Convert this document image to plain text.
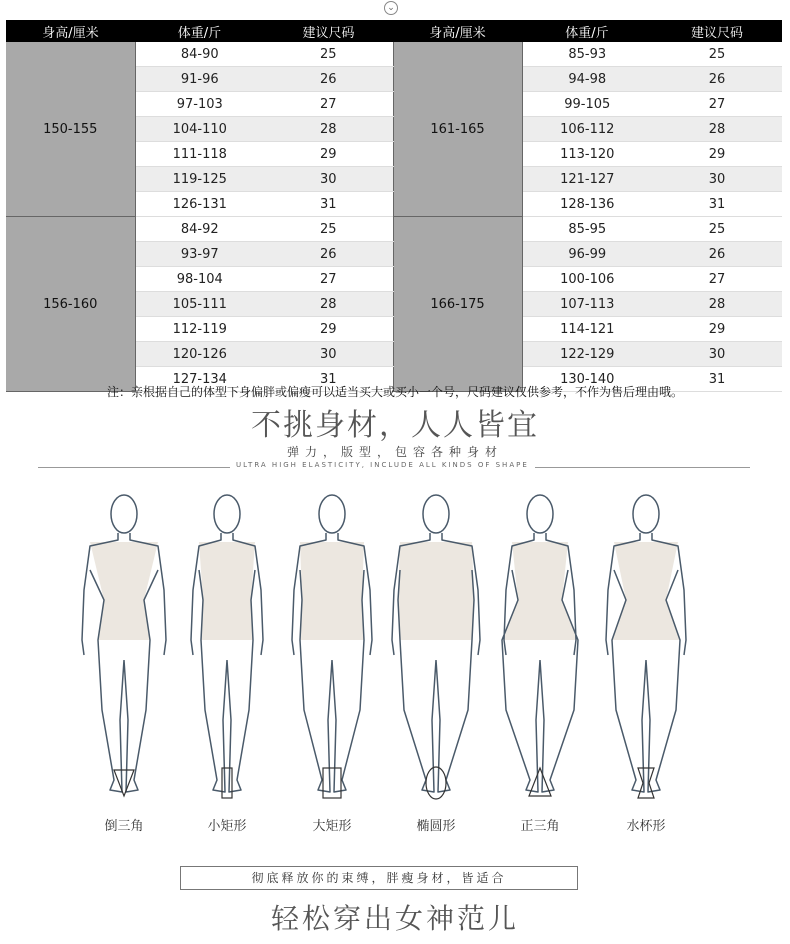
⌄
身高/厘米	体重/斤	建议尺码	身高/厘米	体重/斤	建议尺码
150-155	84-90	25	161-165	85-93	25
	91-96	26		94-98	26
	97-103	27		99-105	27
	104-110	28		106-112	28
	111-118	29		113-120	29
	119-125	30		121-127	30
	126-131	31		128-136	31
156-160	84-92	25	166-175	85-95	25
	93-97	26		96-99	26
	98-104	27		100-106	27
	105-111	28		107-113	28
	112-119	29		114-121	29
	120-126	30		122-129	30
	127-134	31		130-140	31
注：亲根据自己的体型下身偏胖或偏瘦可以适当买大或买小一个号，尺码建议仅供参考，不作为售后理由哦。
不挑身材，人人皆宜
弹力，版型，包容各种身材
ULTRA HIGH ELASTICITY, INCLUDE ALL KINDS OF SHAPE
倒三角	小矩形	大矩形	椭圆形	正三角	水杯形
彻底释放你的束缚，胖瘦身材，皆适合
轻松穿出女神范儿
